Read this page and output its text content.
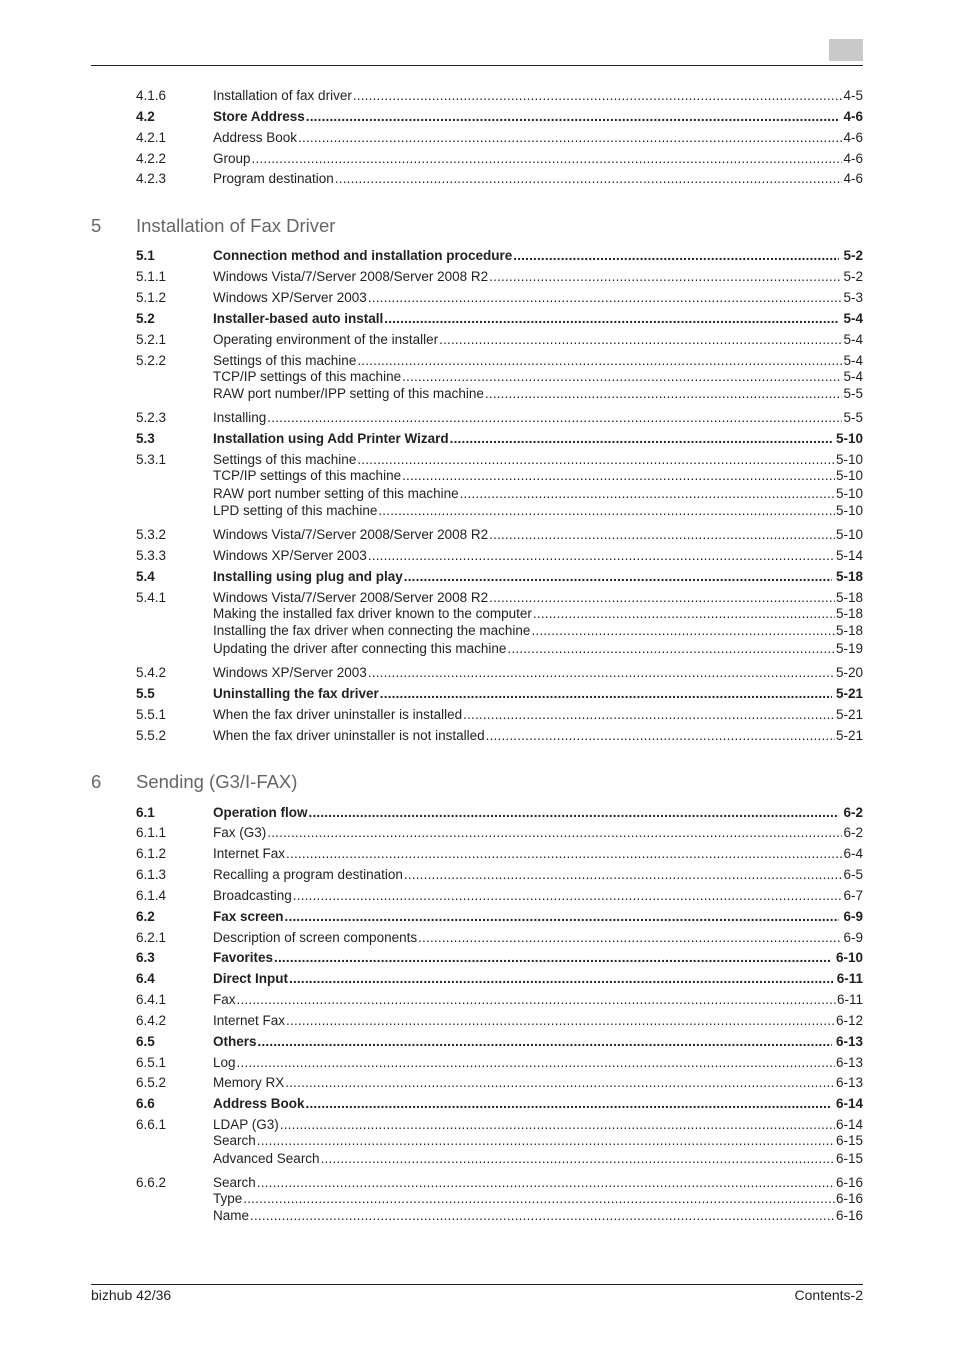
5 Installation of Fax Driver
6 Sending (G3/I-FAX)
4.1.6	Installation of fax driver .....	4-5
4.2	Store Address .....	4-6
4.2.1	Address Book .....	4-6
4.2.2	Group .....	4-6
4.2.3	Program destination .....	4-6
5.1	Connection method and installation procedure .....	5-2
5.1.1	Windows Vista/7/Server 2008/Server 2008 R2 .....	5-2
5.1.2	Windows XP/Server 2003 .....	5-3
5.2	Installer-based auto install .....	5-4
5.2.1	Operating environment of the installer .....	5-4
5.2.2	Settings of this machine .....	5-4
TCP/IP settings of this machine .....	5-4
RAW port number/IPP setting of this machine .....	5-5
5.2.3	Installing .....	5-5
5.3	Installation using Add Printer Wizard .....	5-10
5.3.1	Settings of this machine .....	5-10
TCP/IP settings of this machine .....	5-10
RAW port number setting of this machine .....	5-10
LPD setting of this machine .....	5-10
5.3.2	Windows Vista/7/Server 2008/Server 2008 R2 .....	5-10
5.3.3	Windows XP/Server 2003 .....	5-14
5.4	Installing using plug and play .....	5-18
5.4.1	Windows Vista/7/Server 2008/Server 2008 R2 .....	5-18
Making the installed fax driver known to the computer .....	5-18
Installing the fax driver when connecting the machine .....	5-18
Updating the driver after connecting this machine .....	5-19
5.4.2	Windows XP/Server 2003 .....	5-20
5.5	Uninstalling the fax driver .....	5-21
5.5.1	When the fax driver uninstaller is installed .....	5-21
5.5.2	When the fax driver uninstaller is not installed .....	5-21
6.1	Operation flow .....	6-2
6.1.1	Fax (G3) .....	6-2
6.1.2	Internet Fax .....	6-4
6.1.3	Recalling a program destination .....	6-5
6.1.4	Broadcasting .....	6-7
6.2	Fax screen .....	6-9
6.2.1	Description of screen components .....	6-9
6.3	Favorites .....	6-10
6.4	Direct Input .....	6-11
6.4.1	Fax .....	6-11
6.4.2	Internet Fax .....	6-12
6.5	Others .....	6-13
6.5.1	Log .....	6-13
6.5.2	Memory RX .....	6-13
6.6	Address Book .....	6-14
6.6.1	LDAP (G3) .....	6-14
Search .....	6-15
Advanced Search .....	6-15
6.6.2	Search .....	6-16
Type .....	6-16
Name .....	6-16
bizhub 42/36	Contents-2
